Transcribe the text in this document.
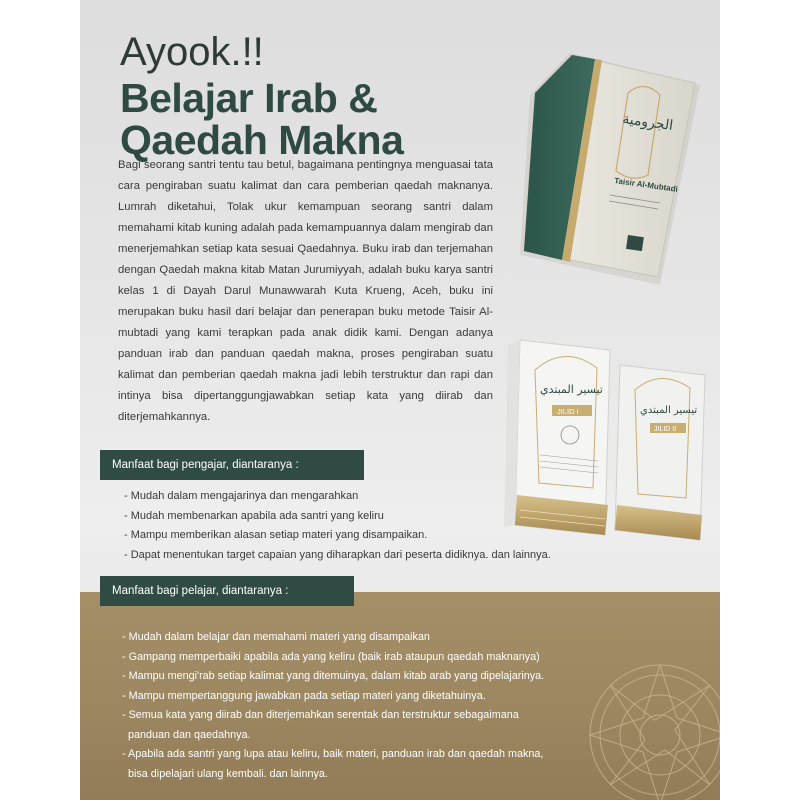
Ayook.!!
Belajar Irab &
Qaedah Makna
Bagi seorang santri tentu tau betul, bagaimana pentingnya menguasai tata cara pengiraban suatu kalimat dan cara pemberian qaedah maknanya. Lumrah diketahui, Tolak ukur kemampuan seorang santri dalam memahami kitab kuning adalah pada kemampuannya dalam mengirab dan menerjemahkan setiap kata sesuai Qaedahnya. Buku irab dan terjemahan dengan Qaedah makna kitab Matan Jurumiyyah, adalah buku karya santri kelas 1 di Dayah Darul Munawwarah Kuta Krueng, Aceh, buku ini merupakan buku hasil dari belajar dan penerapan buku metode Taisir Al-mubtadi yang kami terapkan pada anak didik kami. Dengan adanya panduan irab dan panduan qaedah makna, proses pengiraban suatu kalimat dan pemberian qaedah makna jadi lebih terstruktur dan rapi dan intinya bisa dipertanggungjawabkan setiap kata yang diirab dan diterjemahkannya.
الجرومية
Taisir Al-Mubtadi
تيسير المبتدي
JILID II
تيسير المبتدي
JILID I
Manfaat bagi pengajar, diantaranya :
- Mudah dalam mengajarinya dan mengarahkan
- Mudah membenarkan apabila ada santri yang keliru
- Mampu memberikan alasan setiap materi yang disampaikan.
- Dapat menentukan target capaian yang diharapkan dari peserta didiknya. dan lainnya.
Manfaat bagi pelajar, diantaranya :
- Mudah dalam belajar dan memahami materi yang disampaikan
- Gampang memperbaiki apabila ada yang keliru (baik irab ataupun qaedah maknanya)
- Mampu mengi'rab setiap kalimat yang ditemuinya, dalam kitab arab yang dipelajarinya.
- Mampu mempertanggung jawabkan pada setiap materi yang diketahuinya.
- Semua kata yang diirab dan diterjemahkan serentak dan terstruktur sebagaimana
panduan dan qaedahnya.
- Apabila ada santri yang lupa atau keliru, baik materi, panduan irab dan qaedah makna,
bisa dipelajari ulang kembali. dan lainnya.
